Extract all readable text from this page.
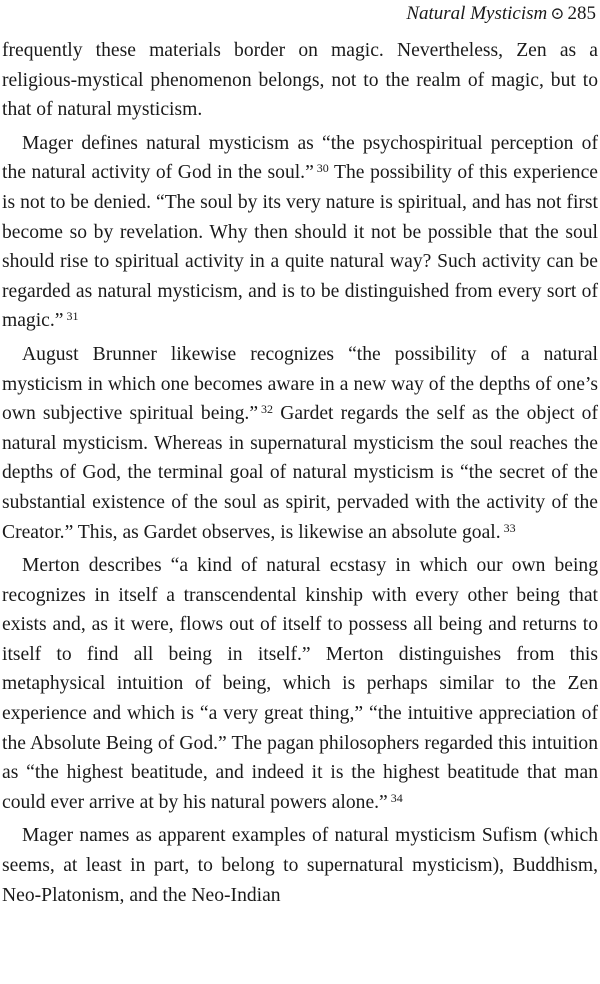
Natural Mysticism ⊙ 285

frequently these materials border on magic. Nevertheless, Zen as a religious-mystical phenomenon belongs, not to the realm of magic, but to that of natural mysticism.

Mager defines natural mysticism as “the psychospiritual perception of the natural activity of God in the soul.” $^{30}$ The possibility of this experience is not to be denied. “The soul by its very nature is spiritual, and has not first become so by revelation. Why then should it not be possible that the soul should rise to spiritual activity in a quite natural way? Such activity can be regarded as natural mysticism, and is to be distinguished from every sort of magic.” $^{31}$

August Brunner likewise recognizes “the possibility of a natural mysticism in which one becomes aware in a new way of the depths of one’s own subjective spiritual being.” $^{32}$ Gardet regards the self as the object of natural mysticism. Whereas in supernatural mysticism the soul reaches the depths of God, the terminal goal of natural mysticism is “the secret of the substantial existence of the soul as spirit, pervaded with the activity of the Creator.” This, as Gardet observes, is likewise an absolute goal. $^{33}$

Merton describes “a kind of natural ecstasy in which our own being recognizes in itself a transcendental kinship with every other being that exists and, as it were, flows out of itself to possess all being and returns to itself to find all being in itself.” Merton distinguishes from this metaphysical intuition of being, which is perhaps similar to the Zen experience and which is “a very great thing,” “the intuitive appreciation of the Absolute Being of God.” The pagan philosophers regarded this intuition as “the highest beatitude, and indeed it is the highest beatitude that man could ever arrive at by his natural powers alone.” $^{34}$

Mager names as apparent examples of natural mysticism Sufism (which seems, at least in part, to belong to supernatural mysticism), Buddhism, Neo-Platonism, and the Neo-Indian
